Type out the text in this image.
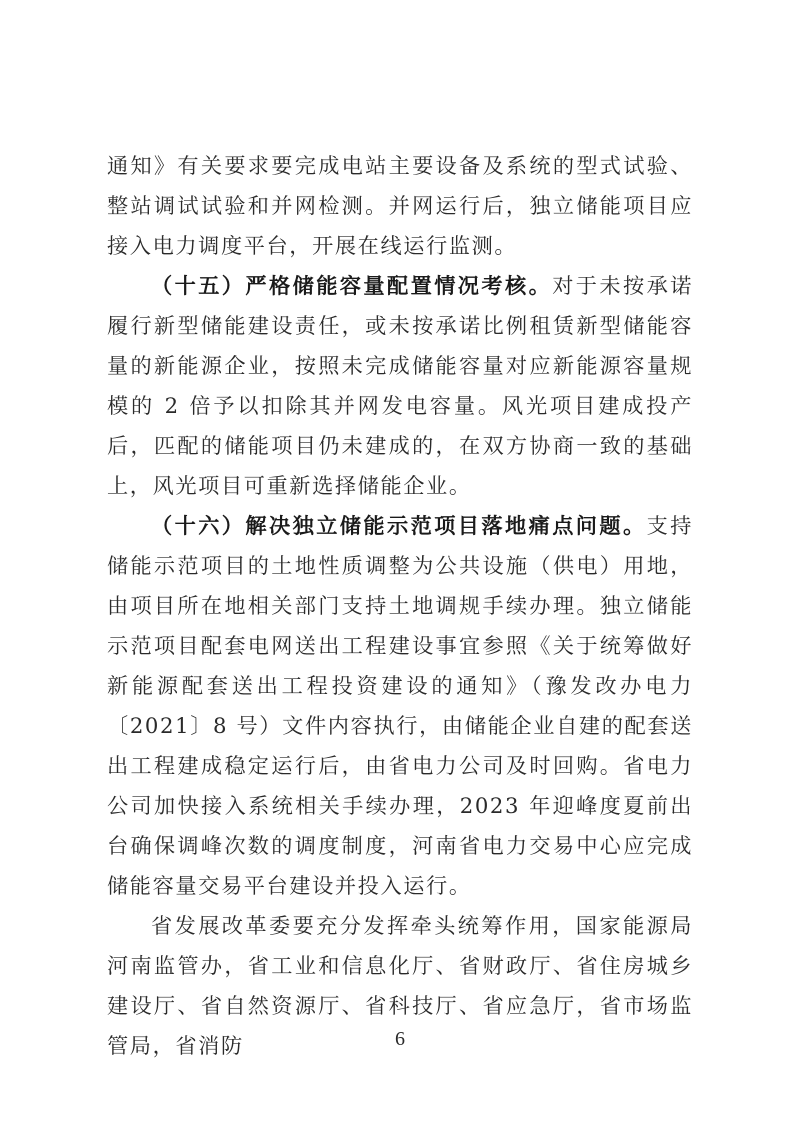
通知》有关要求要完成电站主要设备及系统的型式试验、整站调试试验和并网检测。并网运行后，独立储能项目应接入电力调度平台，开展在线运行监测。

（十五）严格储能容量配置情况考核。对于未按承诺履行新型储能建设责任，或未按承诺比例租赁新型储能容量的新能源企业，按照未完成储能容量对应新能源容量规模的 2 倍予以扣除其并网发电容量。风光项目建成投产后，匹配的储能项目仍未建成的，在双方协商一致的基础上，风光项目可重新选择储能企业。

（十六）解决独立储能示范项目落地痛点问题。支持储能示范项目的土地性质调整为公共设施（供电）用地，由项目所在地相关部门支持土地调规手续办理。独立储能示范项目配套电网送出工程建设事宜参照《关于统筹做好新能源配套送出工程投资建设的通知》（豫发改办电力〔2021〕8 号）文件内容执行，由储能企业自建的配套送出工程建成稳定运行后，由省电力公司及时回购。省电力公司加快接入系统相关手续办理，2023 年迎峰度夏前出台确保调峰次数的调度制度，河南省电力交易中心应完成储能容量交易平台建设并投入运行。

省发展改革委要充分发挥牵头统筹作用，国家能源局河南监管办，省工业和信息化厅、省财政厅、省住房城乡建设厅、省自然资源厅、省科技厅、省应急厅，省市场监管局，省消防	6
